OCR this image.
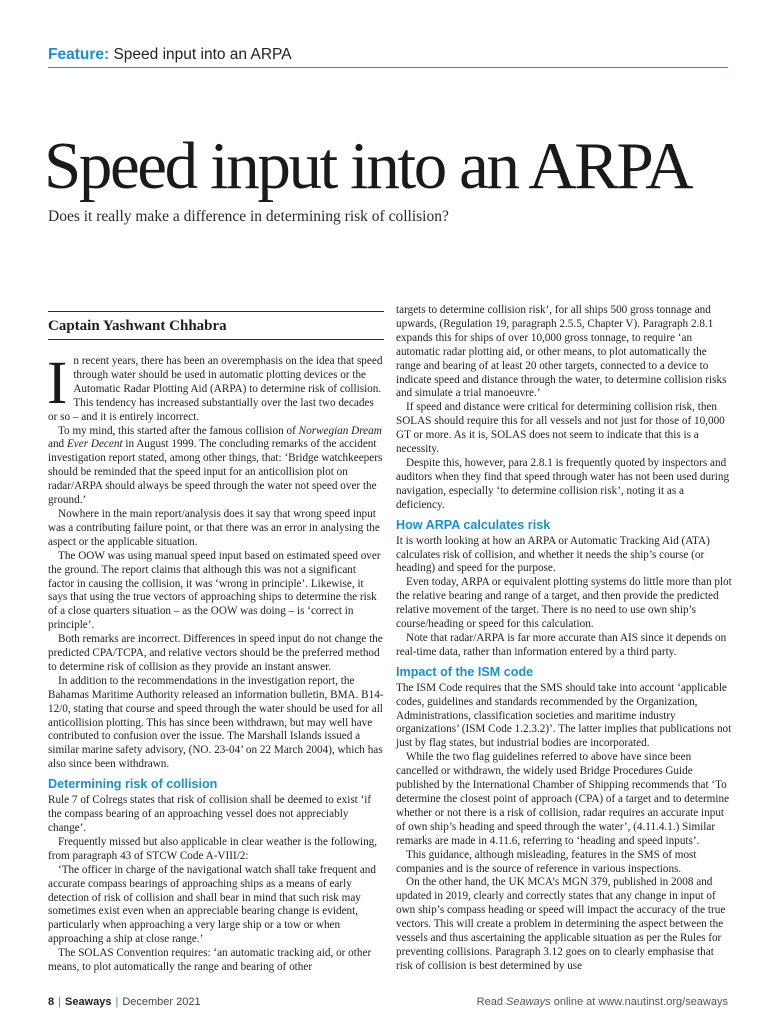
Feature: Speed input into an ARPA
Speed input into an ARPA

Does it really make a difference in determining risk of collision?

Captain Yashwant Chhabra

In recent years, there has been an overemphasis on the idea that speed through water should be used in automatic plotting devices or the Automatic Radar Plotting Aid (ARPA) to determine risk of collision. This tendency has increased substantially over the last two decades or so – and it is entirely incorrect.

To my mind, this started after the famous collision of Norwegian Dream and Ever Decent in August 1999. The concluding remarks of the accident investigation report stated, among other things, that: ‘Bridge watchkeepers should be reminded that the speed input for an anticollision plot on radar/ARPA should always be speed through the water not speed over the ground.’

Nowhere in the main report/analysis does it say that wrong speed input was a contributing failure point, or that there was an error in analysing the aspect or the applicable situation.

The OOW was using manual speed input based on estimated speed over the ground. The report claims that although this was not a significant factor in causing the collision, it was ‘wrong in principle’. Likewise, it says that using the true vectors of approaching ships to determine the risk of a close quarters situation – as the OOW was doing – is ‘correct in principle’.

Both remarks are incorrect. Differences in speed input do not change the predicted CPA/TCPA, and relative vectors should be the preferred method to determine risk of collision as they provide an instant answer.

In addition to the recommendations in the investigation report, the Bahamas Maritime Authority released an information bulletin, BMA. B14-12/0, stating that course and speed through the water should be used for all anticollision plotting. This has since been withdrawn, but may well have contributed to confusion over the issue. The Marshall Islands issued a similar marine safety advisory, (NO. 23-04’ on 22 March 2004), which has also since been withdrawn.

Determining risk of collision

Rule 7 of Colregs states that risk of collision shall be deemed to exist ‘if the compass bearing of an approaching vessel does not appreciably change’.

Frequently missed but also applicable in clear weather is the following, from paragraph 43 of STCW Code A-VIII/2:

‘The officer in charge of the navigational watch shall take frequent and accurate compass bearings of approaching ships as a means of early detection of risk of collision and shall bear in mind that such risk may sometimes exist even when an appreciable bearing change is evident, particularly when approaching a very large ship or a tow or when approaching a ship at close range.’

The SOLAS Convention requires: ‘an automatic tracking aid, or other means, to plot automatically the range and bearing of other

targets to determine collision risk’, for all ships 500 gross tonnage and upwards, (Regulation 19, paragraph 2.5.5, Chapter V). Paragraph 2.8.1 expands this for ships of over 10,000 gross tonnage, to require ‘an automatic radar plotting aid, or other means, to plot automatically the range and bearing of at least 20 other targets, connected to a device to indicate speed and distance through the water, to determine collision risks and simulate a trial manoeuvre.’

If speed and distance were critical for determining collision risk, then SOLAS should require this for all vessels and not just for those of 10,000 GT or more. As it is, SOLAS does not seem to indicate that this is a necessity.

Despite this, however, para 2.8.1 is frequently quoted by inspectors and auditors when they find that speed through water has not been used during navigation, especially ‘to determine collision risk’, noting it as a deficiency.

How ARPA calculates risk

It is worth looking at how an ARPA or Automatic Tracking Aid (ATA) calculates risk of collision, and whether it needs the ship’s course (or heading) and speed for the purpose.

Even today, ARPA or equivalent plotting systems do little more than plot the relative bearing and range of a target, and then provide the predicted relative movement of the target. There is no need to use own ship’s course/heading or speed for this calculation.

Note that radar/ARPA is far more accurate than AIS since it depends on real-time data, rather than information entered by a third party.

Impact of the ISM code

The ISM Code requires that the SMS should take into account ‘applicable codes, guidelines and standards recommended by the Organization, Administrations, classification societies and maritime industry organizations’ (ISM Code 1.2.3.2)’. The latter implies that publications not just by flag states, but industrial bodies are incorporated.

While the two flag guidelines referred to above have since been cancelled or withdrawn, the widely used Bridge Procedures Guide published by the International Chamber of Shipping recommends that ‘To determine the closest point of approach (CPA) of a target and to determine whether or not there is a risk of collision, radar requires an accurate input of own ship’s heading and speed through the water’, (4.11.4.1.) Similar remarks are made in 4.11.6, referring to ‘heading and speed inputs’.

This guidance, although misleading, features in the SMS of most companies and is the source of reference in various inspections.

On the other hand, the UK MCA’s MGN 379, published in 2008 and updated in 2019, clearly and correctly states that any change in input of own ship’s compass heading or speed will impact the accuracy of the true vectors. This will create a problem in determining the aspect between the vessels and thus ascertaining the applicable situation as per the Rules for preventing collisions. Paragraph 3.12 goes on to clearly emphasise that risk of collision is best determined by use

8 | Seaways | December 2021	Read Seaways online at www.nautinst.org/seaways
